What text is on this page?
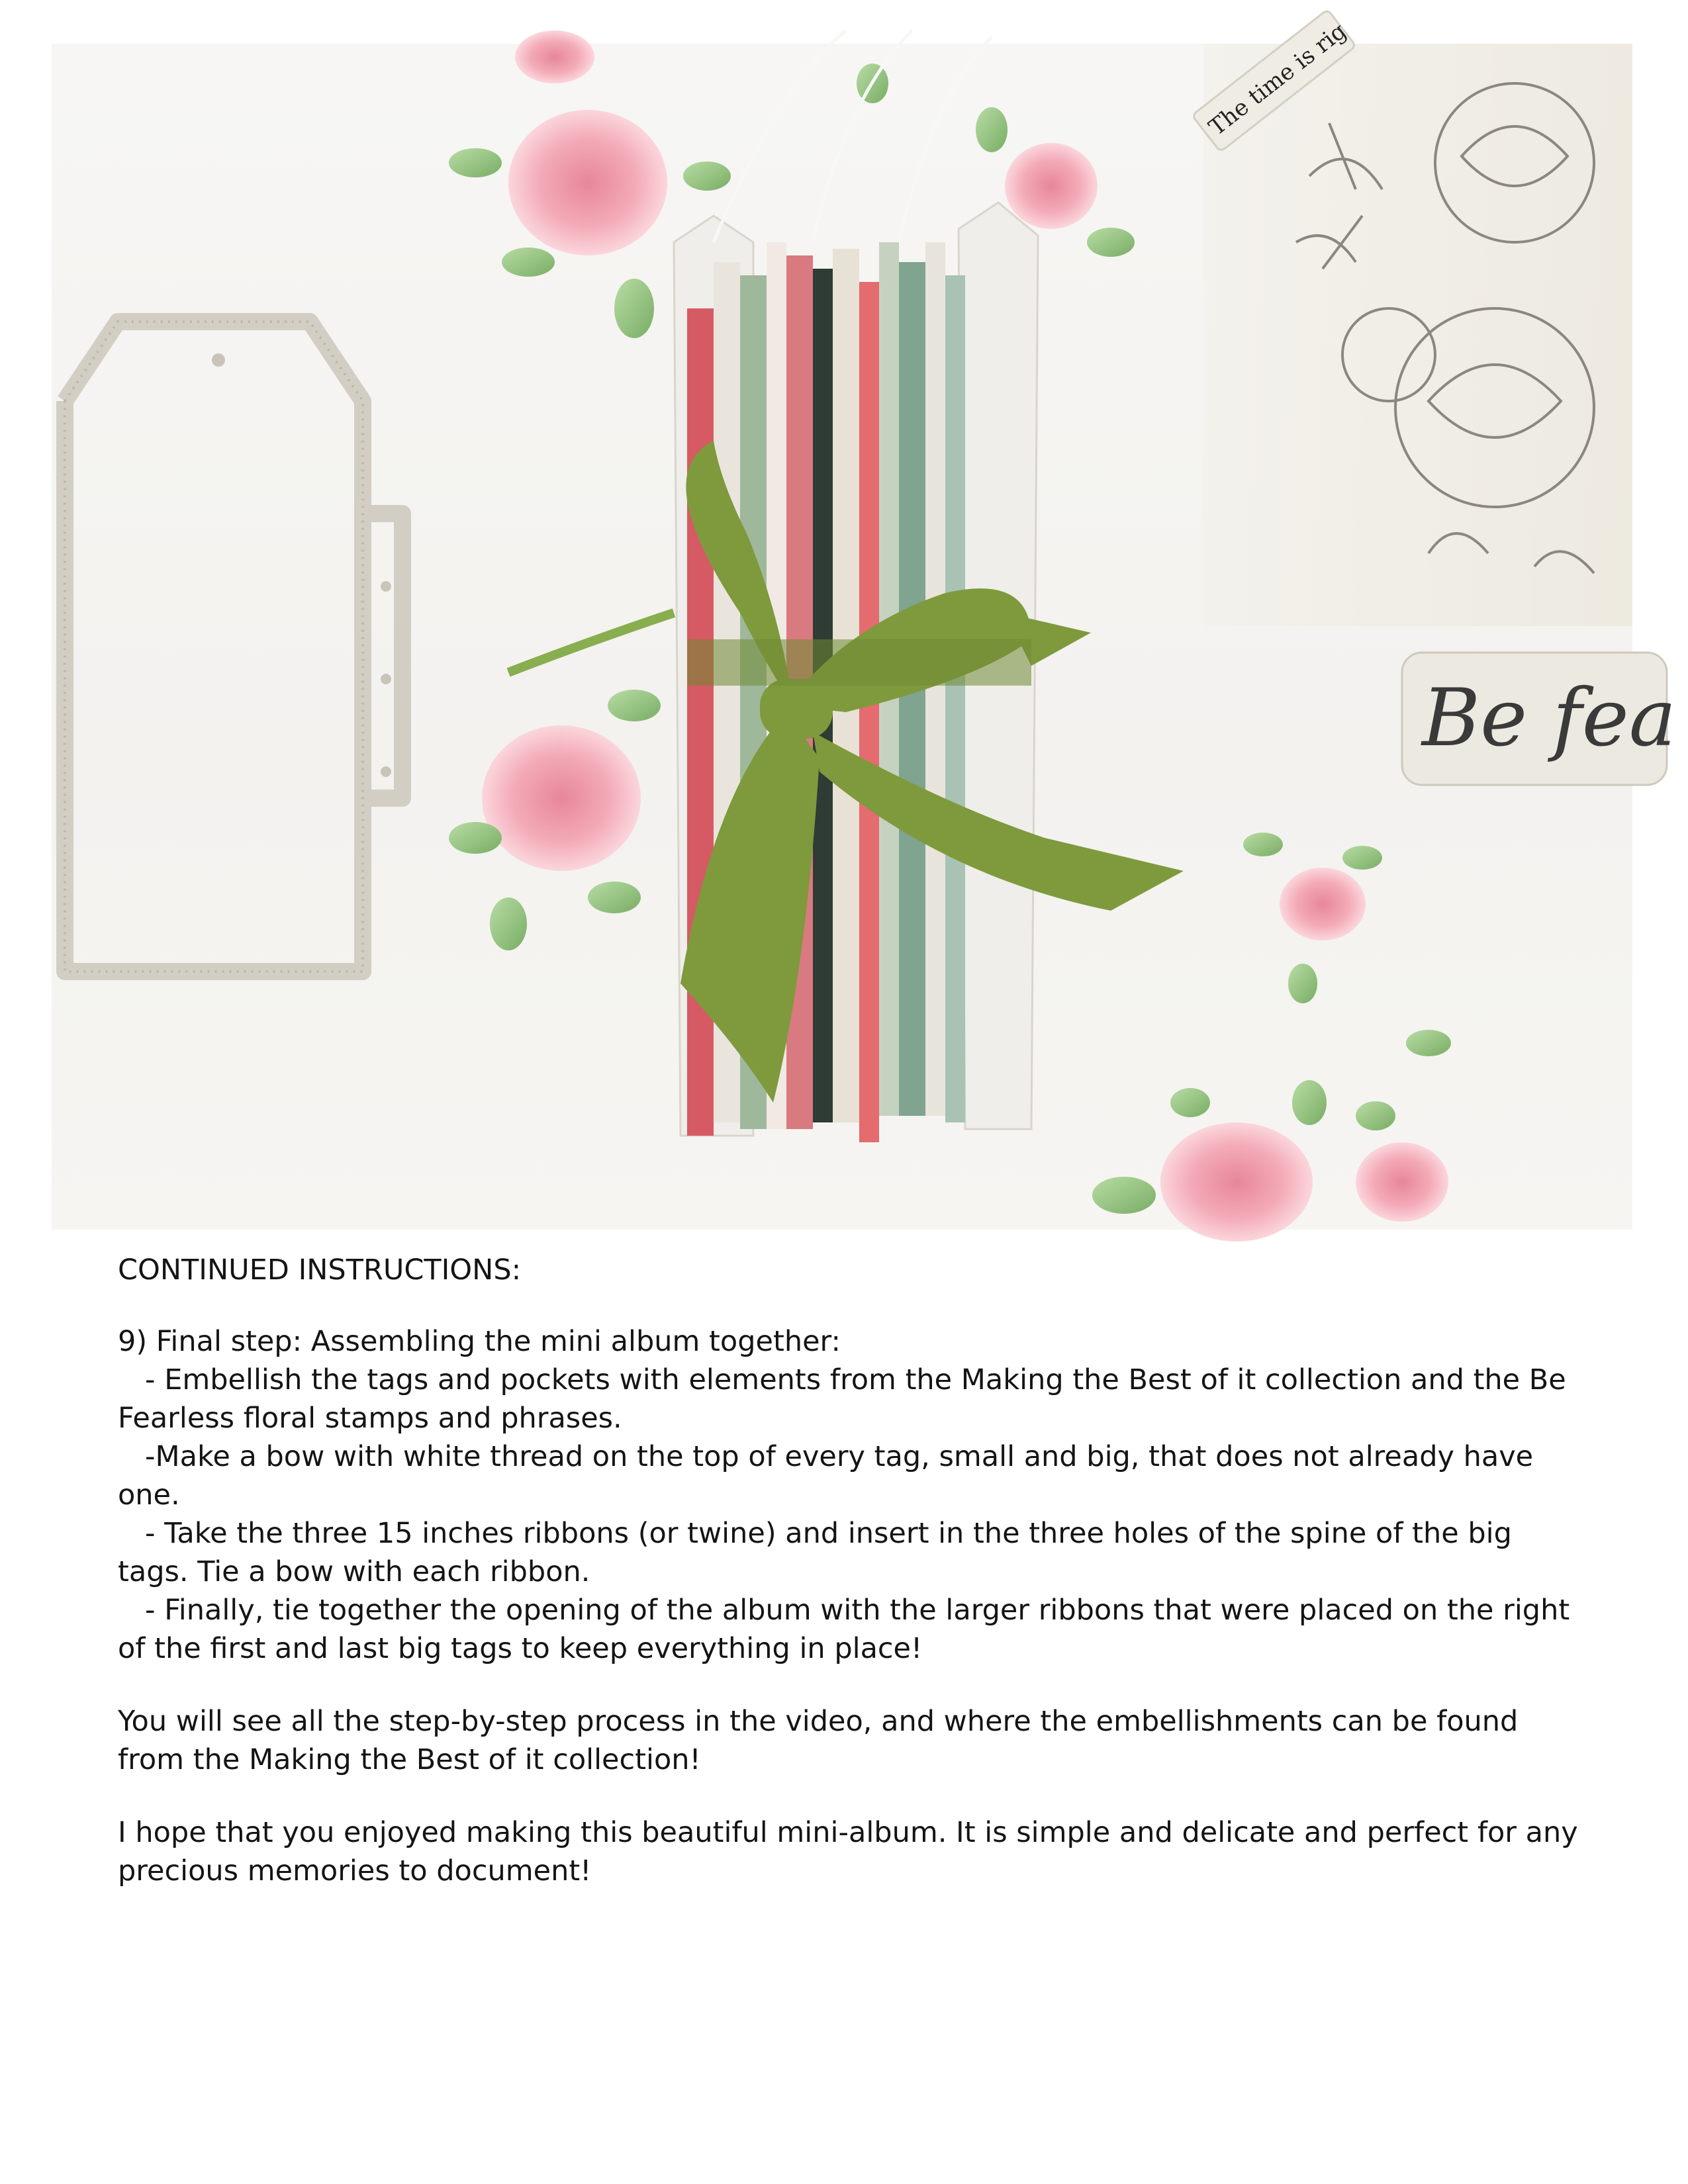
The time is rig
Be fea

CONTINUED INSTRUCTIONS:

9) Final step: Assembling the mini album together:

- Embellish the tags and pockets with elements from the Making the Best of it collection and the Be Fearless floral stamps and phrases.

-Make a bow with white thread on the top of every tag, small and big, that does not already have one.

- Take the three 15 inches ribbons (or twine) and insert in the three holes of the spine of the big tags. Tie a bow with each ribbon.

- Finally, tie together the opening of the album with the larger ribbons that were placed on the right of the first and last big tags to keep everything in place!

You will see all the step-by-step process in the video, and where the embellishments can be found from the Making the Best of it collection!

I hope that you enjoyed making this beautiful mini-album. It is simple and delicate and perfect for any precious memories to document!
